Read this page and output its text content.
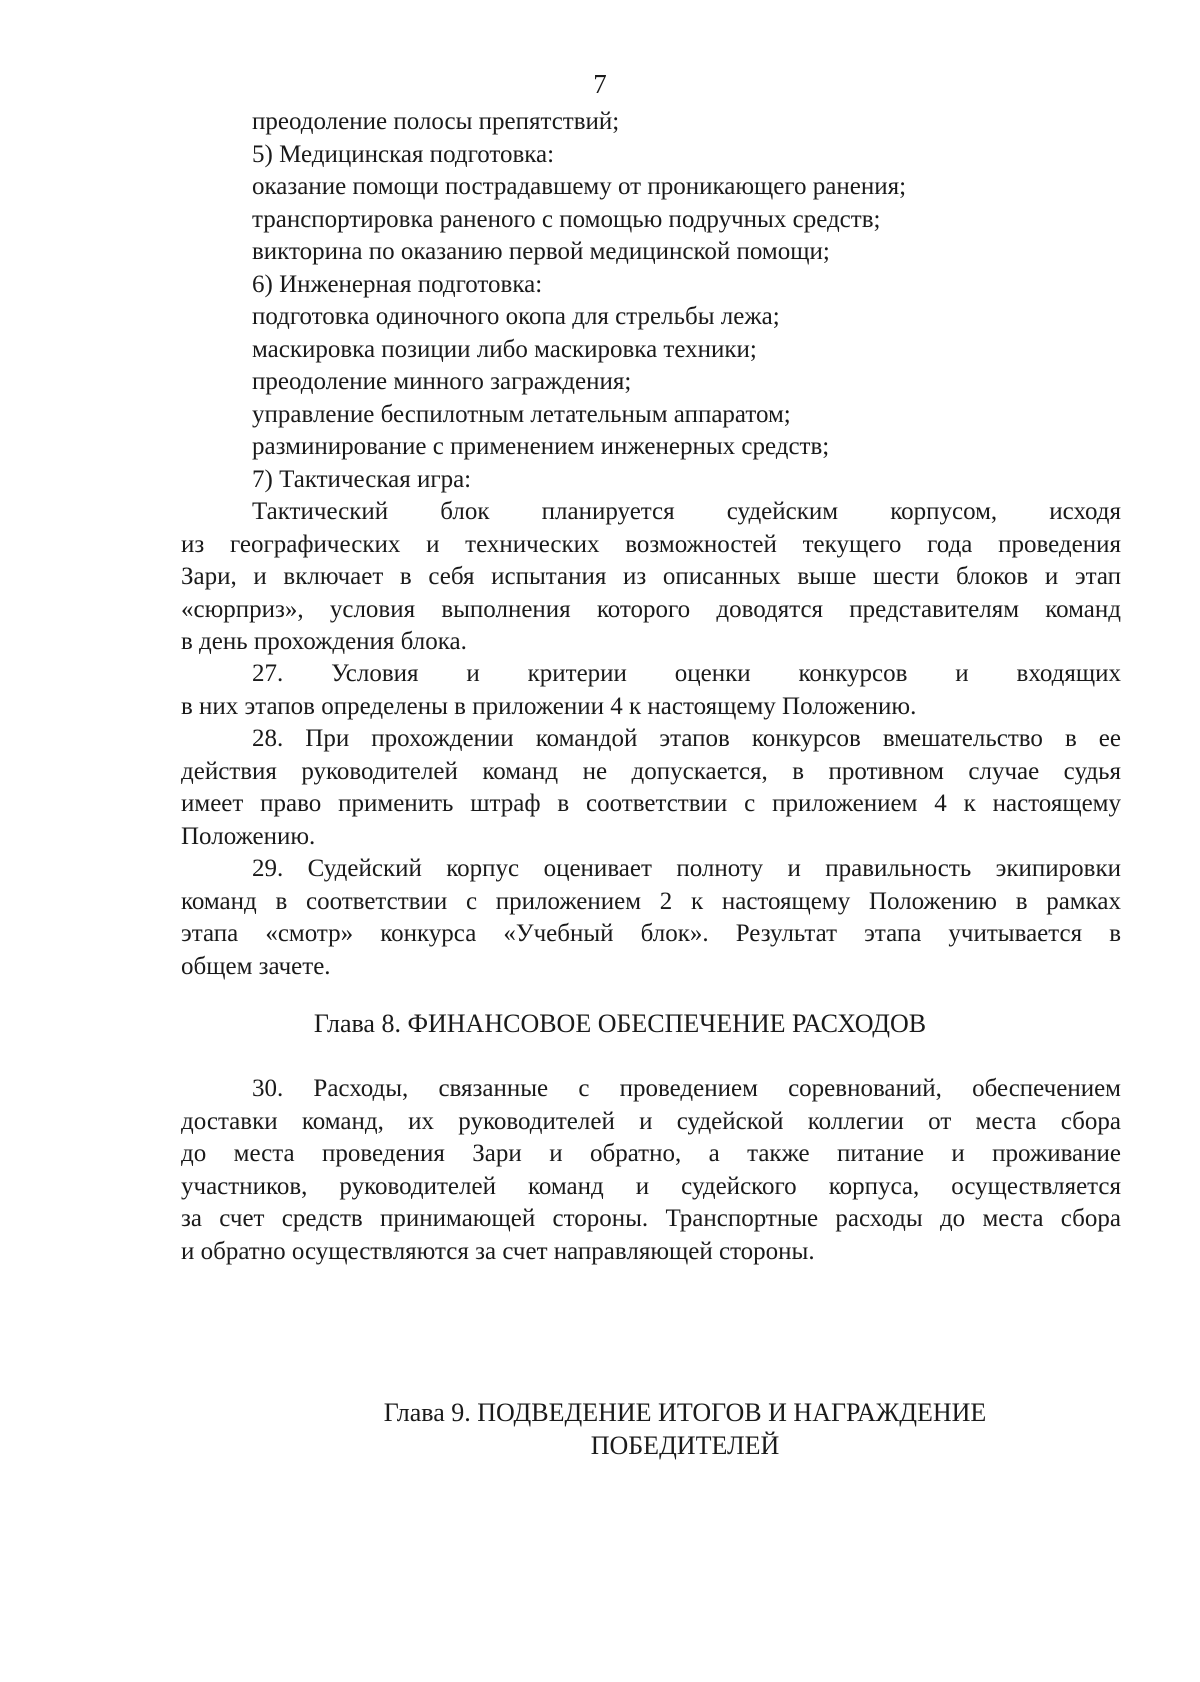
7
преодоление полосы препятствий;
5) Медицинская подготовка:
оказание помощи пострадавшему от проникающего ранения;
транспортировка раненого с помощью подручных средств;
викторина по оказанию первой медицинской помощи;
6) Инженерная подготовка:
подготовка одиночного окопа для стрельбы лежа;
маскировка позиции либо маскировка техники;
преодоление минного заграждения;
управление беспилотным летательным аппаратом;
разминирование с применением инженерных средств;
7) Тактическая игра:
Тактический блок планируется судейским корпусом, исходя
из географических и технических возможностей текущего года проведения
Зари, и включает в себя испытания из описанных выше шести блоков и этап
«сюрприз», условия выполнения которого доводятся представителям команд
в день прохождения блока.
27. Условия и критерии оценки конкурсов и входящих
в них этапов определены в приложении 4 к настоящему Положению.
28. При прохождении командой этапов конкурсов вмешательство в ее
действия руководителей команд не допускается, в противном случае судья
имеет право применить штраф в соответствии с приложением 4 к настоящему
Положению.
29. Судейский корпус оценивает полноту и правильность экипировки
команд в соответствии с приложением 2 к настоящему Положению в рамках
этапа «смотр» конкурса «Учебный блок». Результат этапа учитывается в
общем зачете.
Глава 8. ФИНАНСОВОЕ ОБЕСПЕЧЕНИЕ РАСХОДОВ
30. Расходы, связанные с проведением соревнований, обеспечением
доставки команд, их руководителей и судейской коллегии от места сбора
до места проведения Зари и обратно, а также питание и проживание
участников, руководителей команд и судейского корпуса, осуществляется
за счет средств принимающей стороны. Транспортные расходы до места сбора
и обратно осуществляются за счет направляющей стороны.
Глава 9. ПОДВЕДЕНИЕ ИТОГОВ И НАГРАЖДЕНИЕ
ПОБЕДИТЕЛЕЙ
